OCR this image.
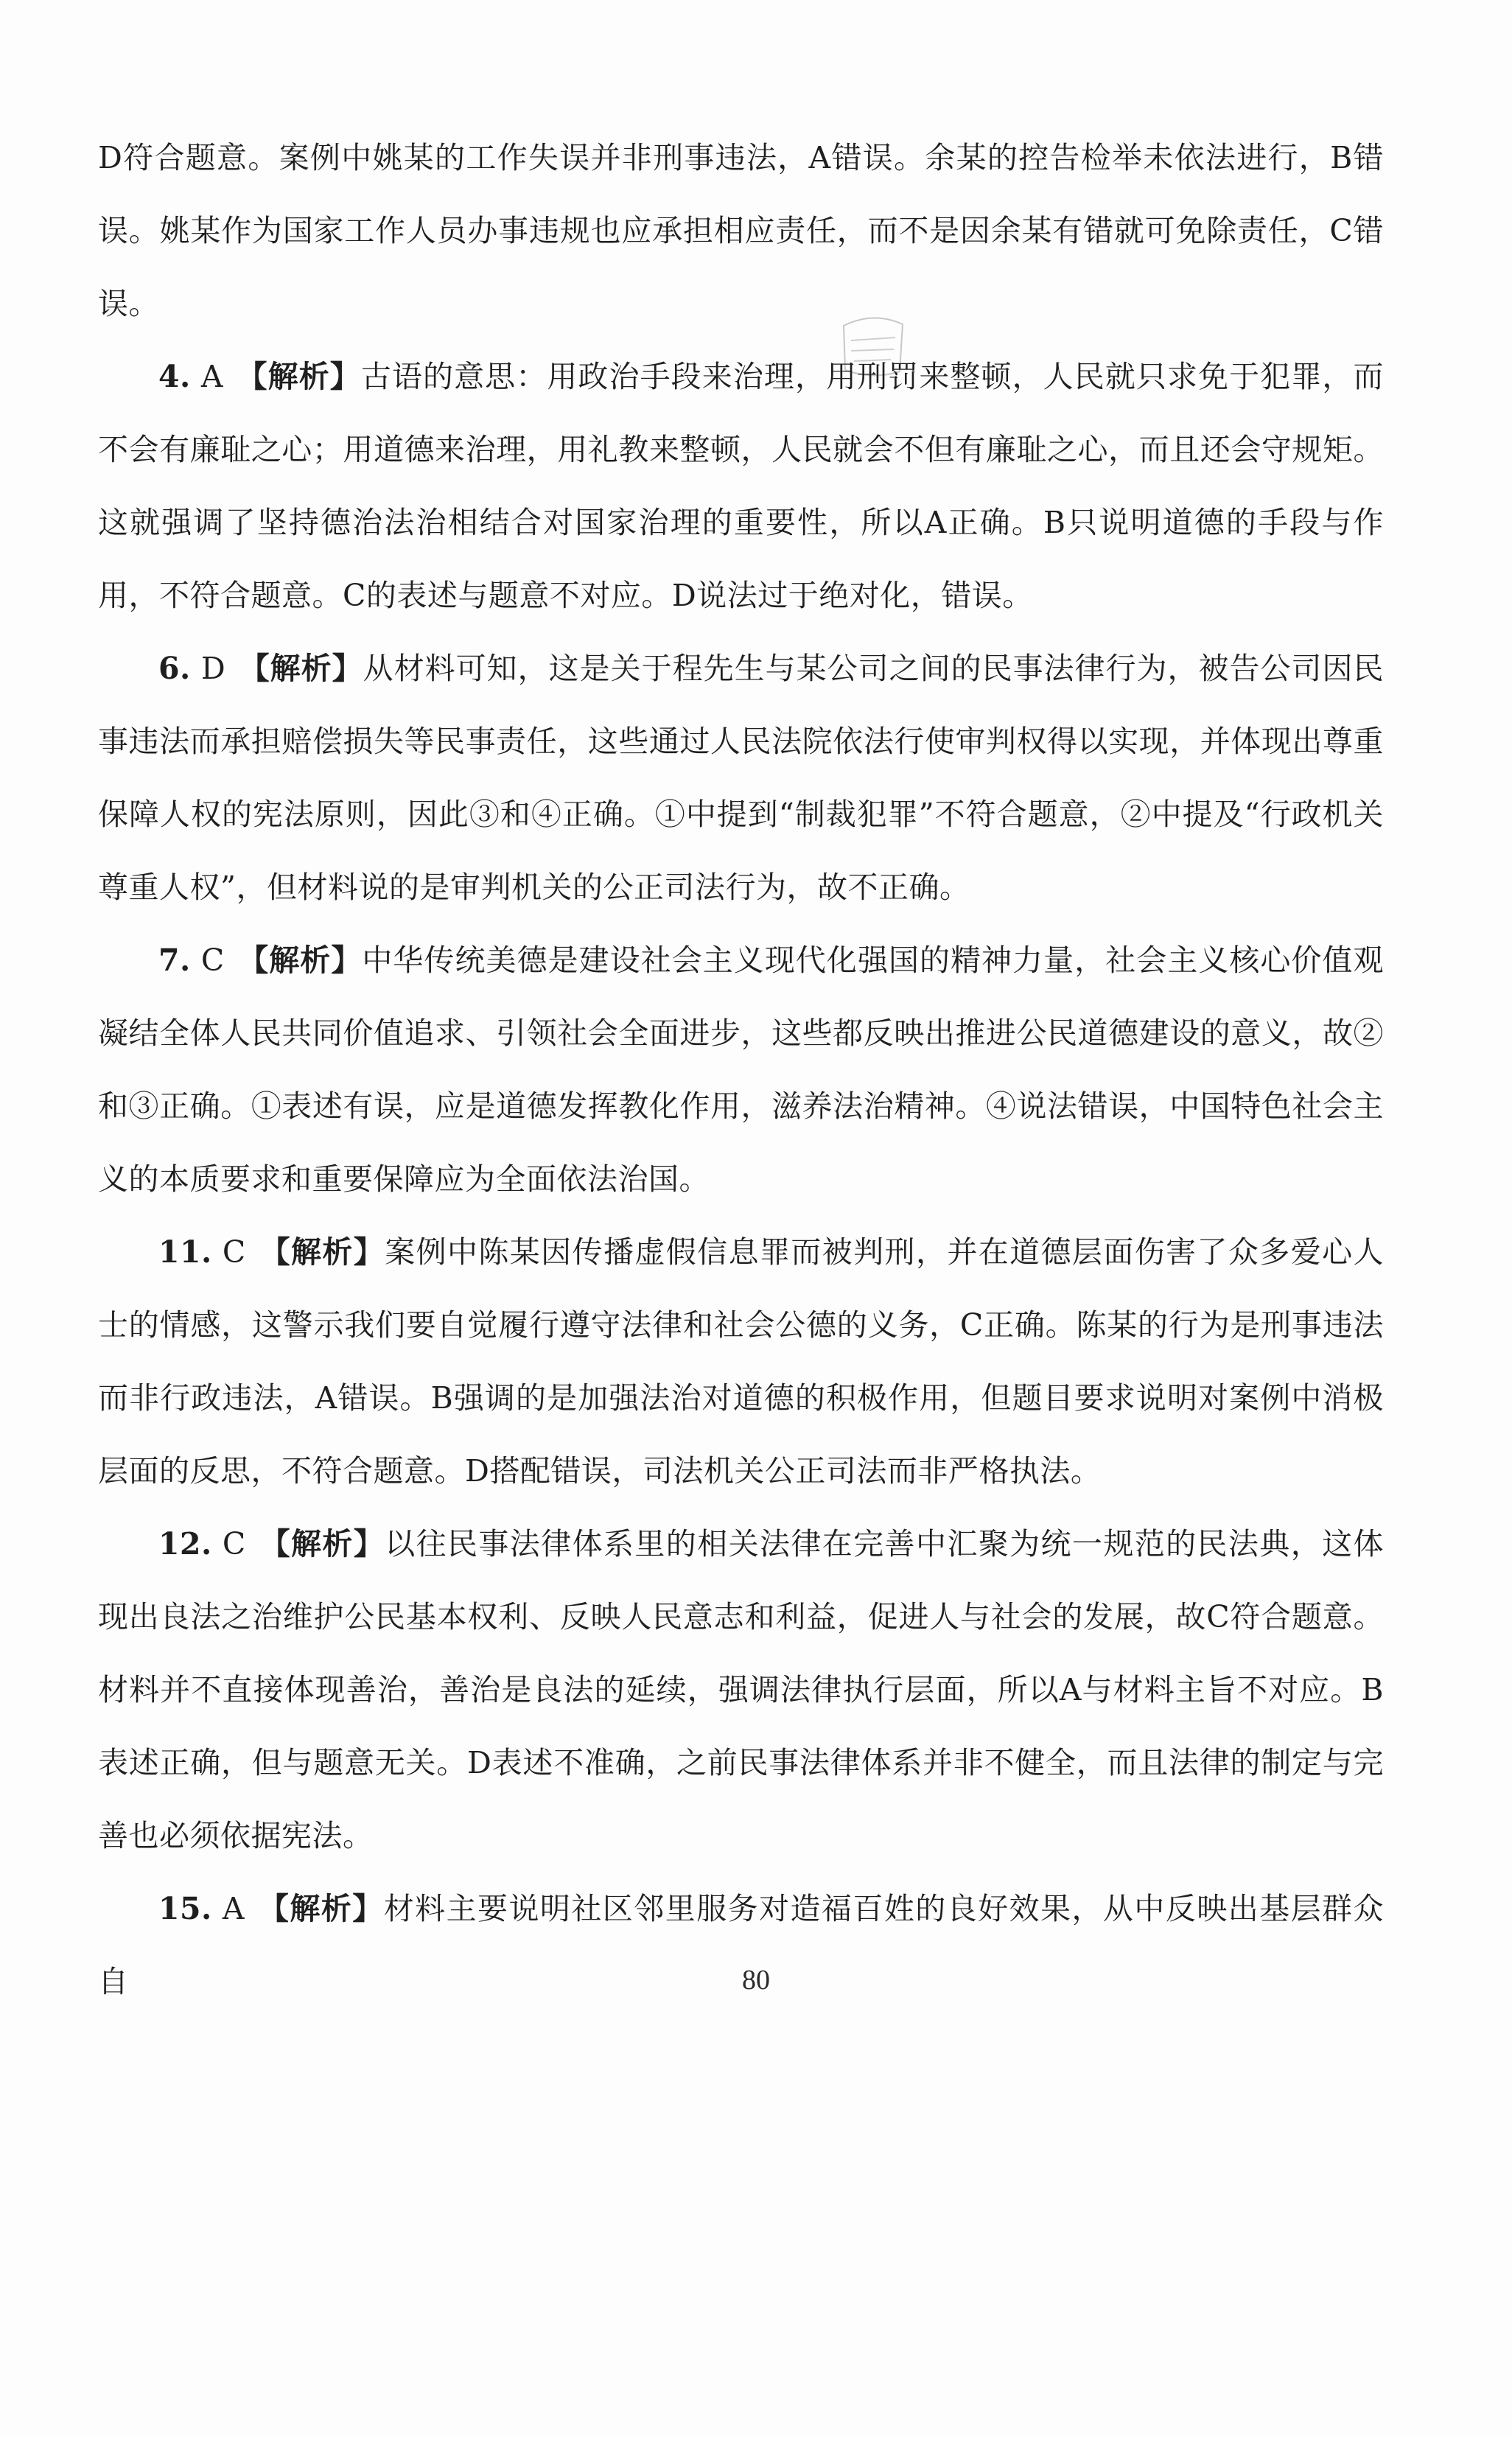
D符合题意。案例中姚某的工作失误并非刑事违法，A错误。余某的控告检举未依法进行，B错误。姚某作为国家工作人员办事违规也应承担相应责任，而不是因余某有错就可免除责任，C错误。

4. A 【解析】古语的意思：用政治手段来治理，用刑罚来整顿，人民就只求免于犯罪，而不会有廉耻之心；用道德来治理，用礼教来整顿，人民就会不但有廉耻之心，而且还会守规矩。这就强调了坚持德治法治相结合对国家治理的重要性，所以A正确。B只说明道德的手段与作用，不符合题意。C的表述与题意不对应。D说法过于绝对化，错误。

6. D 【解析】从材料可知，这是关于程先生与某公司之间的民事法律行为，被告公司因民事违法而承担赔偿损失等民事责任，这些通过人民法院依法行使审判权得以实现，并体现出尊重保障人权的宪法原则，因此③和④正确。①中提到“制裁犯罪”不符合题意，②中提及“行政机关尊重人权”，但材料说的是审判机关的公正司法行为，故不正确。

7. C 【解析】中华传统美德是建设社会主义现代化强国的精神力量，社会主义核心价值观凝结全体人民共同价值追求、引领社会全面进步，这些都反映出推进公民道德建设的意义，故②和③正确。①表述有误，应是道德发挥教化作用，滋养法治精神。④说法错误，中国特色社会主义的本质要求和重要保障应为全面依法治国。

11. C 【解析】案例中陈某因传播虚假信息罪而被判刑，并在道德层面伤害了众多爱心人士的情感，这警示我们要自觉履行遵守法律和社会公德的义务，C正确。陈某的行为是刑事违法而非行政违法，A错误。B强调的是加强法治对道德的积极作用，但题目要求说明对案例中消极层面的反思，不符合题意。D搭配错误，司法机关公正司法而非严格执法。

12. C 【解析】以往民事法律体系里的相关法律在完善中汇聚为统一规范的民法典，这体现出良法之治维护公民基本权利、反映人民意志和利益，促进人与社会的发展，故C符合题意。材料并不直接体现善治，善治是良法的延续，强调法律执行层面，所以A与材料主旨不对应。B表述正确，但与题意无关。D表述不准确，之前民事法律体系并非不健全，而且法律的制定与完善也必须依据宪法。

15. A 【解析】材料主要说明社区邻里服务对造福百姓的良好效果，从中反映出基层群众自	80
